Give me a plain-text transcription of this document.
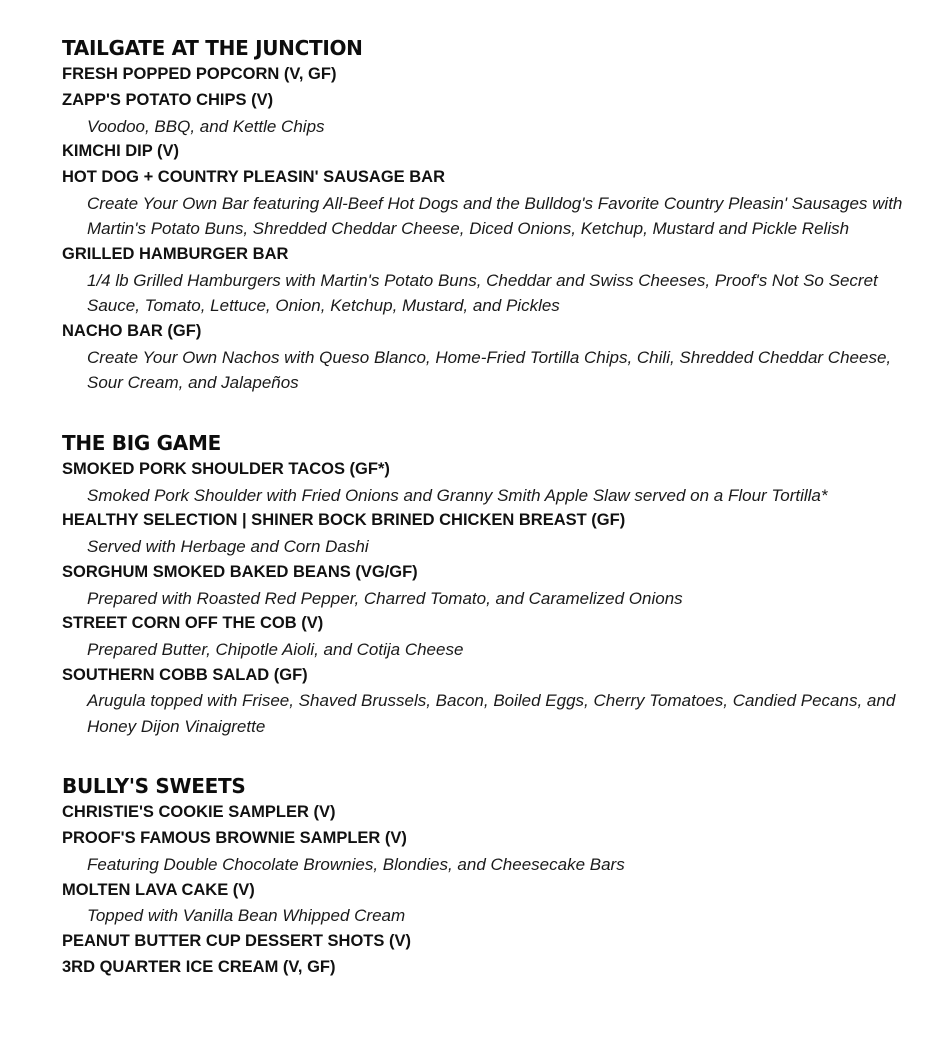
TAILGATE AT THE JUNCTION
FRESH POPPED POPCORN (V, GF)
ZAPP'S POTATO CHIPS (V)
Voodoo, BBQ, and Kettle Chips
KIMCHI DIP (V)
HOT DOG + COUNTRY PLEASIN' SAUSAGE BAR
Create Your Own Bar featuring All-Beef Hot Dogs and the Bulldog's Favorite Country Pleasin' Sausages with Martin's Potato Buns, Shredded Cheddar Cheese, Diced Onions, Ketchup, Mustard and Pickle Relish
GRILLED HAMBURGER BAR
1/4 lb Grilled Hamburgers with Martin's Potato Buns, Cheddar and Swiss Cheeses, Proof's Not So Secret Sauce, Tomato, Lettuce, Onion, Ketchup, Mustard, and Pickles
NACHO BAR (GF)
Create Your Own Nachos with Queso Blanco, Home-Fried Tortilla Chips, Chili, Shredded Cheddar Cheese, Sour Cream, and Jalapeños
THE BIG GAME
SMOKED PORK SHOULDER TACOS (GF*)
Smoked Pork Shoulder with Fried Onions and Granny Smith Apple Slaw served on a Flour Tortilla*
HEALTHY SELECTION | SHINER BOCK BRINED CHICKEN BREAST (GF)
Served with Herbage and Corn Dashi
SORGHUM SMOKED BAKED BEANS (VG/GF)
Prepared with Roasted Red Pepper, Charred Tomato, and Caramelized Onions
STREET CORN OFF THE COB (V)
Prepared Butter, Chipotle Aioli, and Cotija Cheese
SOUTHERN COBB SALAD (GF)
Arugula topped with Frisee, Shaved Brussels, Bacon, Boiled Eggs, Cherry Tomatoes, Candied Pecans, and Honey Dijon Vinaigrette
BULLY'S SWEETS
CHRISTIE'S COOKIE SAMPLER (V)
PROOF'S FAMOUS BROWNIE SAMPLER (V)
Featuring Double Chocolate Brownies, Blondies, and Cheesecake Bars
MOLTEN LAVA CAKE (V)
Topped with Vanilla Bean Whipped Cream
PEANUT BUTTER CUP DESSERT SHOTS (V)
3RD QUARTER ICE CREAM (V, GF)
